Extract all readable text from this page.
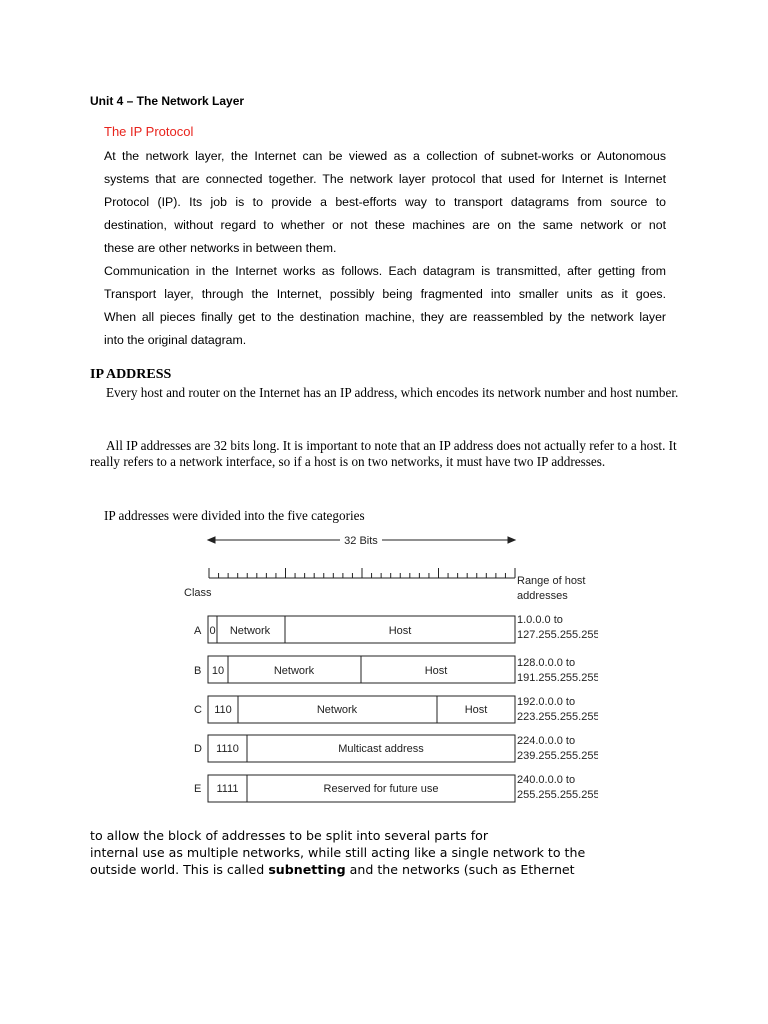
Unit 4 – The Network Layer
The IP Protocol
At the network layer, the Internet can be viewed as a collection of subnet-works or Autonomous
systems that are connected together. The network layer protocol that used for Internet is Internet
Protocol (IP). Its job is to provide a best-efforts way to transport datagrams from source to
destination, without regard to whether or not these machines are on the same network or not
these are other networks in between them.
Communication in the Internet works as follows. Each datagram is transmitted, after getting from
Transport layer, through the Internet, possibly being fragmented into smaller units as it goes.
When all pieces finally get to the destination machine, they are reassembled by the network layer
into the original datagram.
IP ADDRESS
Every host and router on the Internet has an IP address, which encodes its network number and host number.
All IP addresses are 32 bits long. It is important to note that an IP address does not actually refer to a host. It really refers to a network interface, so if a host is on two networks, it must have two IP addresses.
IP addresses were divided into the five categories
32 Bits
Class
Range of host
addresses
A 0 Network	Host
1.0.0.0 to
127.255.255.255
B 10	Network	Host
128.0.0.0 to
191.255.255.255
C 110	Network	Host
192.0.0.0 to
223.255.255.255
D 1110	Multicast address
224.0.0.0 to
239.255.255.255
E 1111	Reserved for future use
240.0.0.0 to
255.255.255.255
to allow the block of addresses to be split into several parts for
internal use as multiple networks, while still acting like a single network to the
outside world. This is called subnetting and the networks (such as Ethernet
